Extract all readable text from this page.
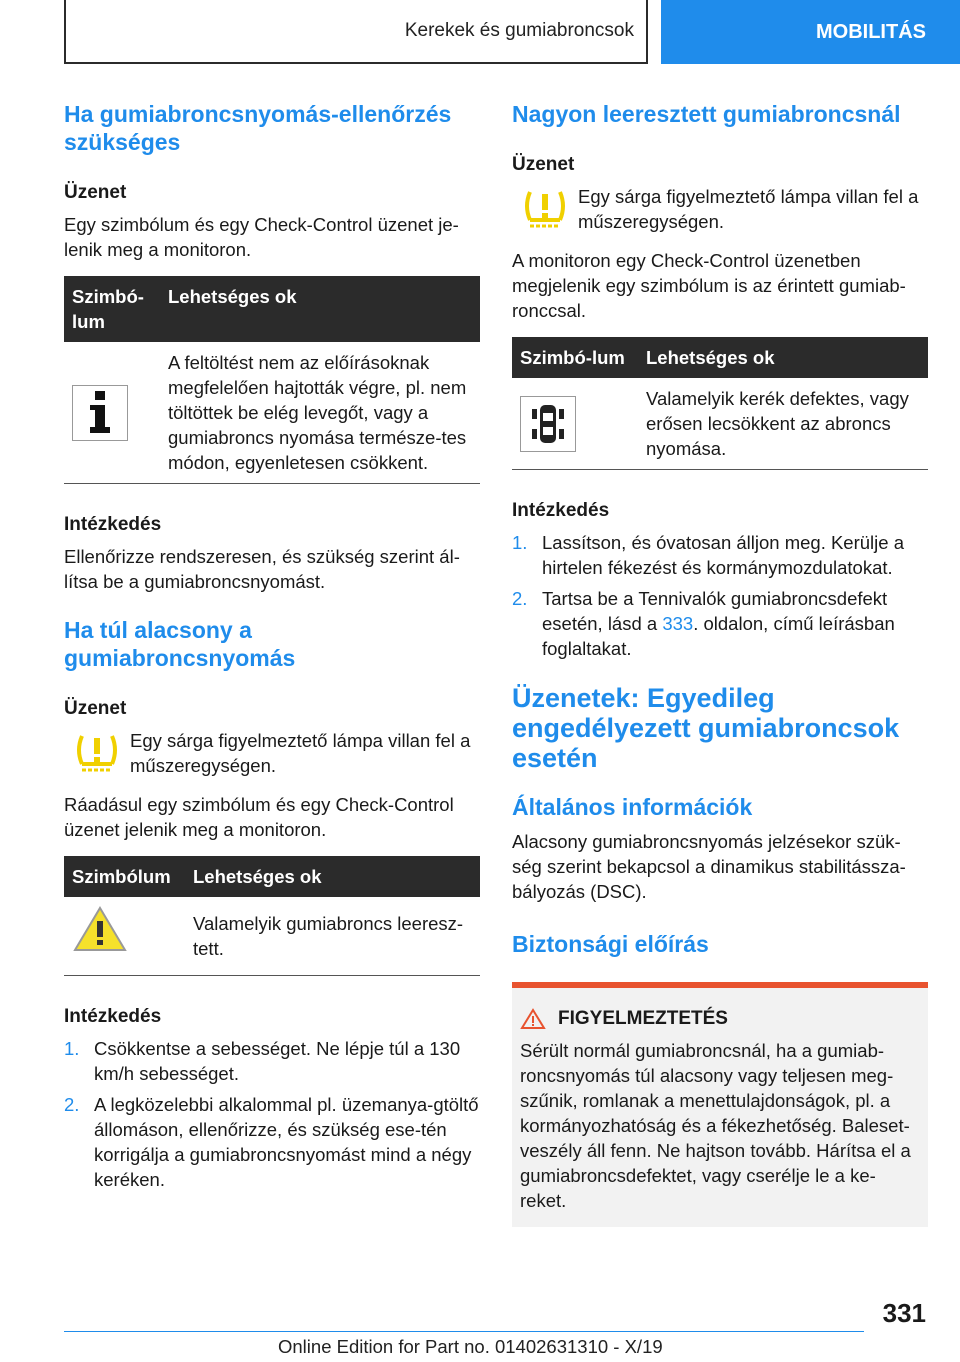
Kerekek és gumiabroncsok	MOBILITÁS
Ha gumiabroncsnyomás-ellenőrzés szükséges
Üzenet

Egy szimbólum és egy Check-Control üzenet je-lenik meg a monitoron.

Szimbó-lum	Lehetséges ok

	A feltöltést nem az előírásoknak megfelelően hajtották végre, pl. nem töltöttek be elég levegőt, vagy a gumiabroncs nyomása természe-tes módon, egyenletesen csökkent.
Intézkedés

Ellenőrizze rendszeresen, és szükség szerint ál-lítsa be a gumiabroncsnyomást.

Ha túl alacsony a gumiabroncsnyomás
Üzenet
Egy sárga figyelmeztető lámpa villan fel a műszeregységen.

Ráadásul egy szimbólum és egy Check-Control üzenet jelenik meg a monitoron.

Szimbólum	Lehetséges ok
	Valamelyik gumiabroncs leeresz-tett.
Intézkedés
1. Csökkentse a sebességet. Ne lépje túl a 130 km/h sebességet.
2. A legközelebbi alkalommal pl. üzemanya-gtöltő állomáson, ellenőrizze, és szükség ese-tén korrigálja a gumiabroncsnyomást mind a négy keréken.
Nagyon leeresztett gumiabroncsnál
Üzenet
Egy sárga figyelmeztető lámpa villan fel a műszeregységen.

A monitoron egy Check-Control üzenetben megjelenik egy szimbólum is az érintett gumiab-ronccsal.

Szimbó-lum	Lehetséges ok

	Valamelyik kerék defektes, vagy erősen lecsökkent az abroncs nyomása.
Intézkedés
1. Lassítson, és óvatosan álljon meg. Kerülje a hirtelen fékezést és kormánymozdulatokat.
2. Tartsa be a Tennivalók gumiabroncsdefekt esetén, lásd a 333. oldalon, című leírásban foglaltakat.
Üzenetek: Egyedileg engedélyezett gumiabroncsok esetén
Általános információk

Alacsony gumiabroncsnyomás jelzésekor szük-ség szerint bekapcsol a dinamikus stabilitássza-bályozás (DSC).

Biztonsági előírás
FIGYELMEZTETÉS

Sérült normál gumiabroncsnál, ha a gumiab-roncsnyomás túl alacsony vagy teljesen meg-szűnik, romlanak a menettulajdonságok, pl. a kormányozhatóság és a fékezhetőség. Baleset-veszély áll fenn. Ne hajtson tovább. Hárítsa el a gumiabroncsdefektet, vagy cserélje le a ke-reket.

331
Online Edition for Part no. 01402631310 - X/19
